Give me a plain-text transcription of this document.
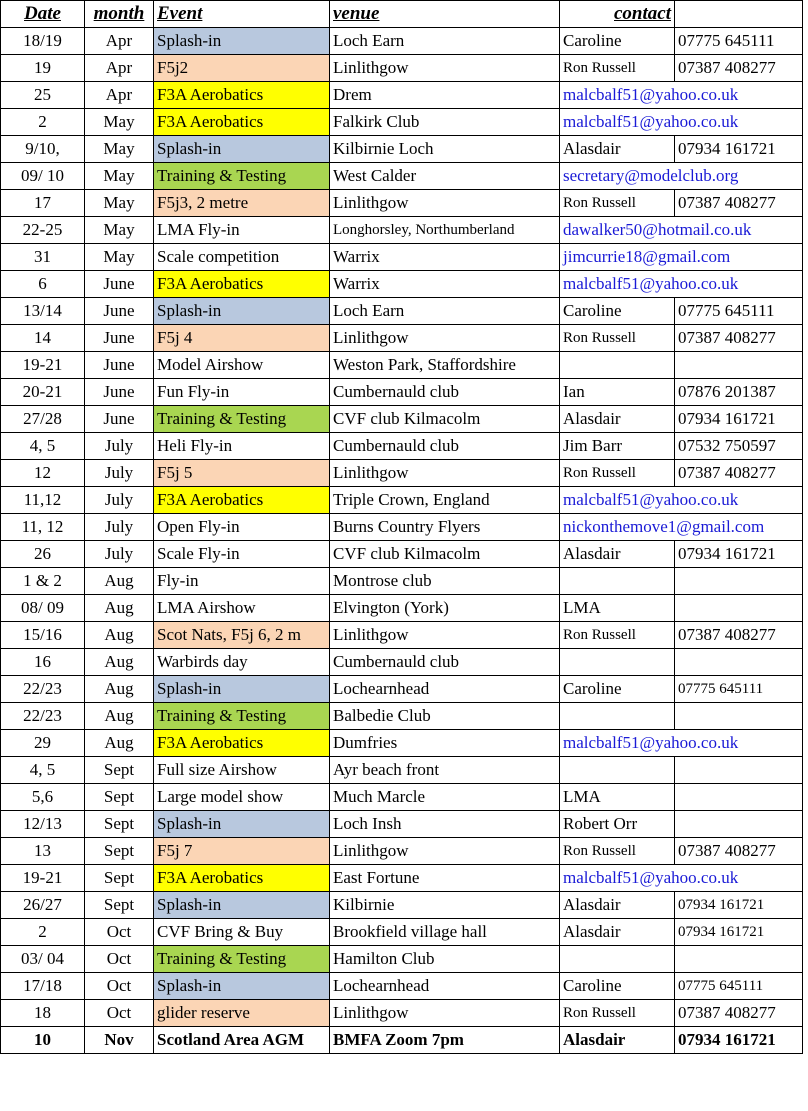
Date	month	Event	venue	contact	
18/19	Apr	Splash-in	Loch Earn	Caroline	07775 645111
19	Apr	F5j2	Linlithgow	Ron Russell	07387 408277
25	Apr	F3A Aerobatics	Drem	malcbalf51@yahoo.co.uk	
2	May	F3A Aerobatics	Falkirk Club	malcbalf51@yahoo.co.uk	
9/10,	May	Splash-in	Kilbirnie Loch	Alasdair	07934 161721
09/ 10	May	Training & Testing	West Calder	secretary@modelclub.org	
17	May	F5j3, 2 metre	Linlithgow	Ron Russell	07387 408277
22-25	May	LMA Fly-in	Longhorsley, Northumberland	dawalker50@hotmail.co.uk	
31	May	Scale competition	Warrix	jimcurrie18@gmail.com	
6	June	F3A Aerobatics	Warrix	malcbalf51@yahoo.co.uk	
13/14	June	Splash-in	Loch Earn	Caroline	07775 645111
14	June	F5j 4	Linlithgow	Ron Russell	07387 408277
19-21	June	Model Airshow	Weston Park, Staffordshire		
20-21	June	Fun Fly-in	Cumbernauld club	Ian	07876 201387
27/28	June	Training & Testing	CVF club Kilmacolm	Alasdair	07934 161721
4, 5	July	Heli Fly-in	Cumbernauld club	Jim Barr	07532 750597
12	July	F5j 5	Linlithgow	Ron Russell	07387 408277
11,12	July	F3A Aerobatics	Triple Crown, England	malcbalf51@yahoo.co.uk	
11, 12	July	Open Fly-in	Burns Country Flyers	nickonthemove1@gmail.com	
26	July	Scale Fly-in	CVF club Kilmacolm	Alasdair	07934 161721
1 & 2	Aug	Fly-in	Montrose club		
08/ 09	Aug	LMA Airshow	Elvington (York)	LMA	
15/16	Aug	Scot Nats, F5j 6, 2 m	Linlithgow	Ron Russell	07387 408277
16	Aug	Warbirds day	Cumbernauld club		
22/23	Aug	Splash-in	Lochearnhead	Caroline	07775 645111
22/23	Aug	Training & Testing	Balbedie Club		
29	Aug	F3A Aerobatics	Dumfries	malcbalf51@yahoo.co.uk	
4, 5	Sept	Full size Airshow	Ayr beach front		
5,6	Sept	Large model show	Much Marcle	LMA	
12/13	Sept	Splash-in	Loch Insh	Robert Orr	
13	Sept	F5j 7	Linlithgow	Ron Russell	07387 408277
19-21	Sept	F3A Aerobatics	East Fortune	malcbalf51@yahoo.co.uk	
26/27	Sept	Splash-in	Kilbirnie	Alasdair	07934 161721
2	Oct	CVF Bring & Buy	Brookfield village hall	Alasdair	07934 161721
03/ 04	Oct	Training & Testing	Hamilton Club		
17/18	Oct	Splash-in	Lochearnhead	Caroline	07775 645111
18	Oct	glider reserve	Linlithgow	Ron Russell	07387 408277
10	Nov	Scotland Area AGM	BMFA Zoom 7pm	Alasdair	07934 161721
